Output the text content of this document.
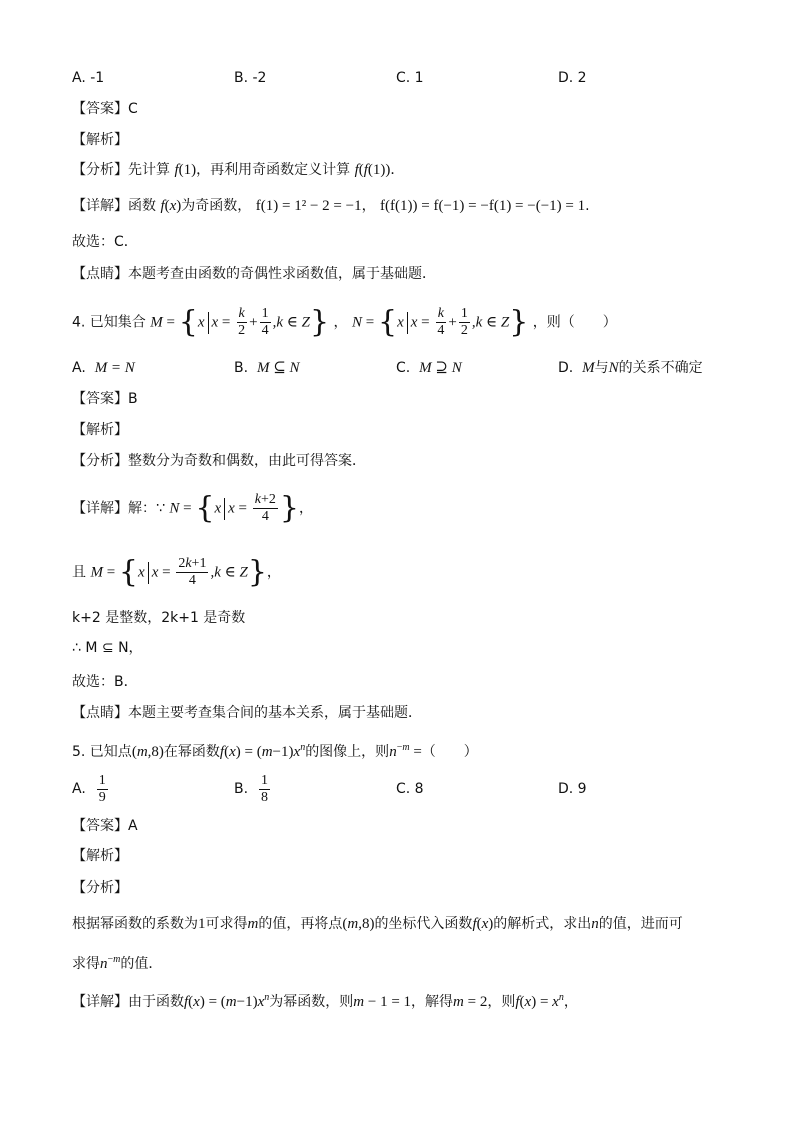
A. -1	B. -2	C. 1	D. 2
【答案】C
【解析】
【分析】先计算 f(1)，再利用奇函数定义计算 f(f(1))．
【详解】函数 f(x)为奇函数， f(1) = 1² − 2 = −1， f(f(1)) = f(−1) = −f(1) = −(−1) = 1.
故选：C．
【点睛】本题考查由函数的奇偶性求函数值，属于基础题．
4. 已知集合 M = {x $x = \frac{k}{2} + \frac{1}{4} ,k$ ∈ Z} ， N = {x $x = \frac{k}{4} + \frac{1}{2} ,k$ ∈ Z} ，则（　　）
A. M = N	B. M ⊆ N	C. M ⊇ N	D. M与N的关系不确定
【答案】B
【解析】
【分析】整数分为奇数和偶数，由此可得答案．
【详解】解：∵ N = {x $x = \frac{k+2}{4}$ }，
且 M = {x $x = \frac{2k+1}{4} ,k$ ∈ Z}，
k+2 是整数，2k+1 是奇数
∴ M ⊆ N，
故选：B．
【点睛】本题主要考查集合间的基本关系，属于基础题．
5. 已知点(m,8)在幂函数$f(x) = (m-1)x^n$的图像上，则$n^{-m}$ =（　　）
A. $\frac{1}{9}$	B. $\frac{1}{8}$	C. 8	D. 9
【答案】A
【解析】
【分析】
根据幂函数的系数为1可求得m的值，再将点(m,8)的坐标代入函数f(x)的解析式，求出n的值，进而可
求得$n^{-m}$的值．
【详解】由于函数$f(x) = (m-1)x^n$为幂函数，则m − 1 = 1，解得m = 2，则$f(x) = x^n$，
